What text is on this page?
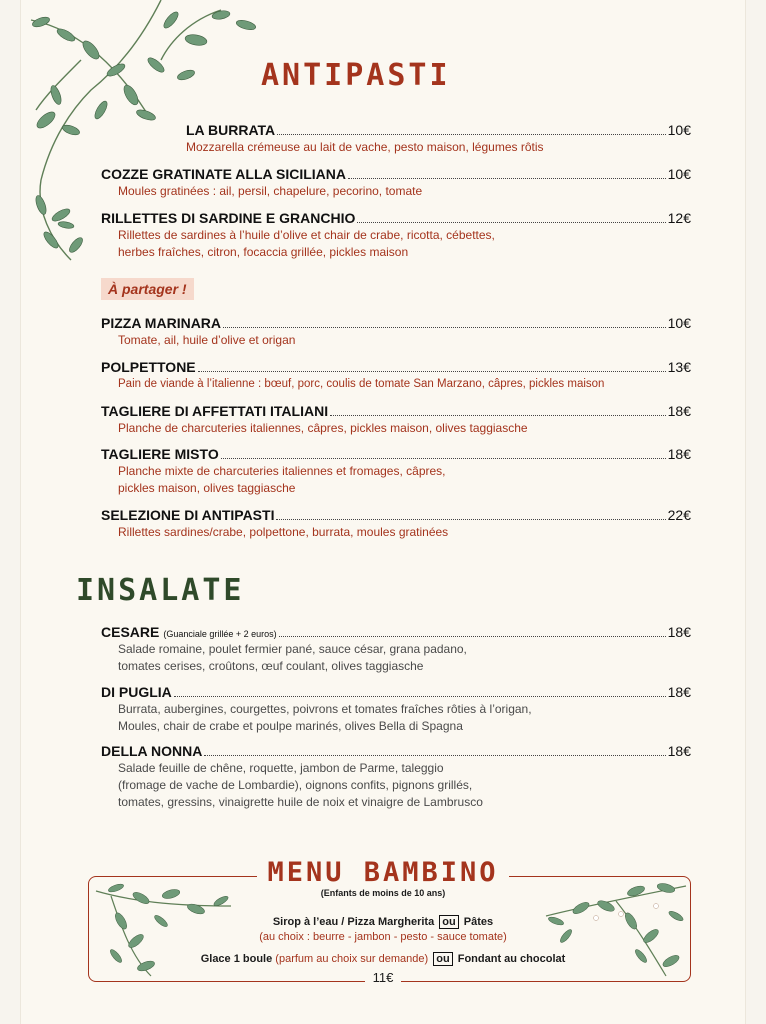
ANTIPASTI
LA BURRATA	10€
Mozzarella crémeuse au lait de vache, pesto maison, légumes rôtis
COZZE GRATINATE ALLA SICILIANA	10€
Moules gratinées : ail, persil, chapelure, pecorino, tomate
RILLETTES DI SARDINE E GRANCHIO	12€
Rillettes de sardines à l’huile d’olive et chair de crabe, ricotta, cébettes,
herbes fraîches, citron, focaccia grillée, pickles maison
À partager !
PIZZA MARINARA	10€
Tomate, ail, huile d’olive et origan
POLPETTONE	13€
Pain de viande à l’italienne : bœuf, porc, coulis de tomate San Marzano, câpres, pickles maison
TAGLIERE DI AFFETTATI ITALIANI	18€
Planche de charcuteries italiennes, câpres, pickles maison, olives taggiasche
TAGLIERE MISTO	18€
Planche mixte de charcuteries italiennes et fromages, câpres,
pickles maison, olives taggiasche
SELEZIONE DI ANTIPASTI	22€
Rillettes sardines/crabe, polpettone, burrata, moules gratinées
INSALATE
CESARE (Guanciale grillée + 2 euros)	18€
Salade romaine, poulet fermier pané, sauce césar, grana padano,
tomates cerises, croûtons, œuf coulant, olives taggiasche
DI PUGLIA	18€
Burrata, aubergines, courgettes, poivrons et tomates fraîches rôties à l’origan,
Moules, chair de crabe et poulpe marinés, olives Bella di Spagna
DELLA NONNA	18€
Salade feuille de chêne, roquette, jambon de Parme, taleggio
(fromage de vache de Lombardie), oignons confits, pignons grillés,
tomates, gressins, vinaigrette huile de noix et vinaigre de Lambrusco
MENU BAMBINO
(Enfants de moins de 10 ans)
Sirop à l’eau / Pizza Margherita ou Pâtes
(au choix : beurre - jambon - pesto - sauce tomate)
Glace 1 boule (parfum au choix sur demande) ou Fondant au chocolat
11€
